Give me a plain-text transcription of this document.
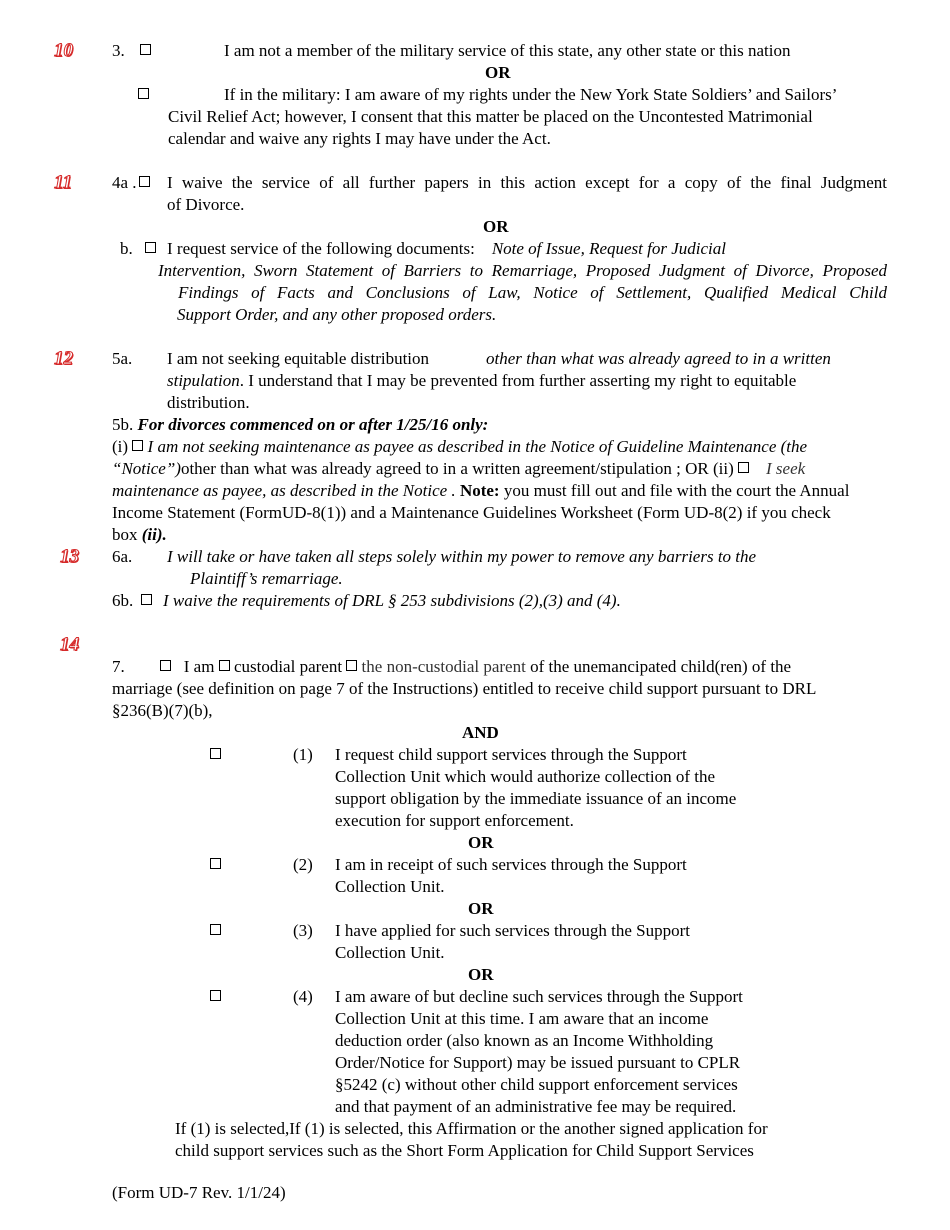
10
11
12
13
14
3.	I am not a member of the military service of this state, any other state or this nation
OR
If in the military: I am aware of my rights under the New York State Soldiers’ and Sailors’
Civil Relief Act; however, I consent that this matter be placed on the Uncontested Matrimonial
calendar and waive any rights I may have under the Act.
4a . I waive the service of all further papers in this action except for a copy of the final Judgment
of Divorce.
OR
b. I request service of the following documents: Note of Issue, Request for Judicial
Intervention, Sworn Statement of Barriers to Remarriage, Proposed Judgment of Divorce, Proposed
Findings of Facts and Conclusions of Law, Notice of Settlement, Qualified Medical Child
Support Order, and any other proposed orders.
5a. I am not seeking equitable distribution	other than what was already agreed to in a written
stipulation. I understand that I may be prevented from further asserting my right to equitable
distribution.
5b. For divorces commenced on or after 1/25/16 only:
(i) I am not seeking maintenance as payee as described in the Notice of Guideline Maintenance (the
“Notice”)other than what was already agreed to in a written agreement/stipulation ; OR (ii) I seek
maintenance as payee, as described in the Notice . Note: you must fill out and file with the court the Annual
Income Statement (FormUD-8(1)) and a Maintenance Guidelines Worksheet (Form UD-8(2) if you check
box (ii).
6a. I will take or have taken all steps solely within my power to remove any barriers to the
Plaintiff’s remarriage.
6b. I waive the requirements of DRL § 253 subdivisions (2),(3) and (4).
7.	I am custodial parent the non-custodial parent of the unemancipated child(ren) of the
marriage (see definition on page 7 of the Instructions) entitled to receive child support pursuant to DRL
§236(B)(7)(b),
AND
(1) I request child support services through the Support
Collection Unit which would authorize collection of the
support obligation by the immediate issuance of an income
execution for support enforcement.
OR
(2) I am in receipt of such services through the Support
Collection Unit.
OR
(3) I have applied for such services through the Support
Collection Unit.
OR
(4) I am aware of but decline such services through the Support
Collection Unit at this time. I am aware that an income
deduction order (also known as an Income Withholding
Order/Notice for Support) may be issued pursuant to CPLR
§5242 (c) without other child support enforcement services
and that payment of an administrative fee may be required.
If (1) is selected,If (1) is selected, this Affirmation or the another signed application for
child support services such as the Short Form Application for Child Support Services
(Form UD-7 Rev. 1/1/24)
